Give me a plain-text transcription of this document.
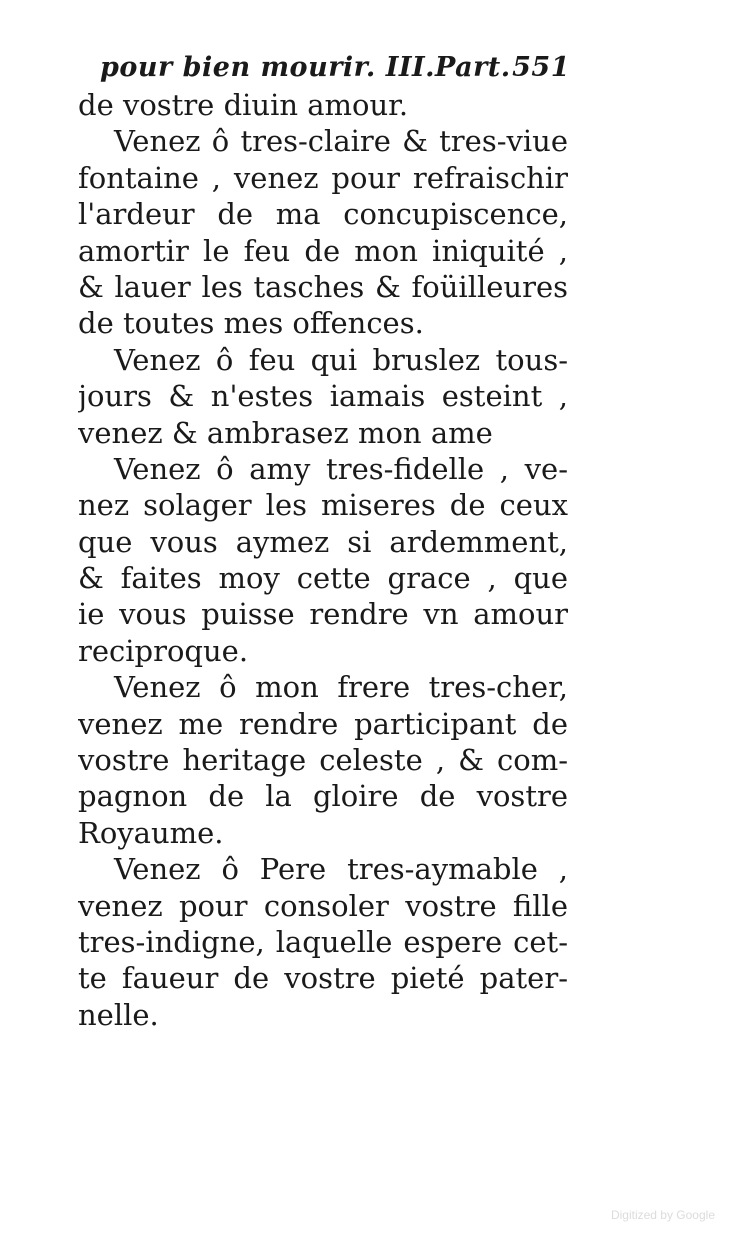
pour bien mourir. III.Part. 551
de vostre diuin amour.
Venez ô tres-claire & tres-viue
fontaine , venez pour refraischir
l'ardeur de ma concupiscence,
amortir le feu de mon iniquité ,
& lauer les tasches & foüilleures
de toutes mes offences.
Venez ô feu qui bruslez tous-
jours & n'estes iamais esteint ,
venez & ambrasez mon ame
Venez ô amy tres-fidelle , ve-
nez solager les miseres de ceux
que vous aymez si ardemment,
& faites moy cette grace , que
ie vous puisse rendre vn amour
reciproque.
Venez ô mon frere tres-cher,
venez me rendre participant de
vostre heritage celeste , & com-
pagnon de la gloire de vostre
Royaume.
Venez ô Pere tres-aymable ,
venez pour consoler vostre fille
tres-indigne, laquelle espere cet-
te faueur de vostre pieté pater-
nelle.
Digitized by Google
